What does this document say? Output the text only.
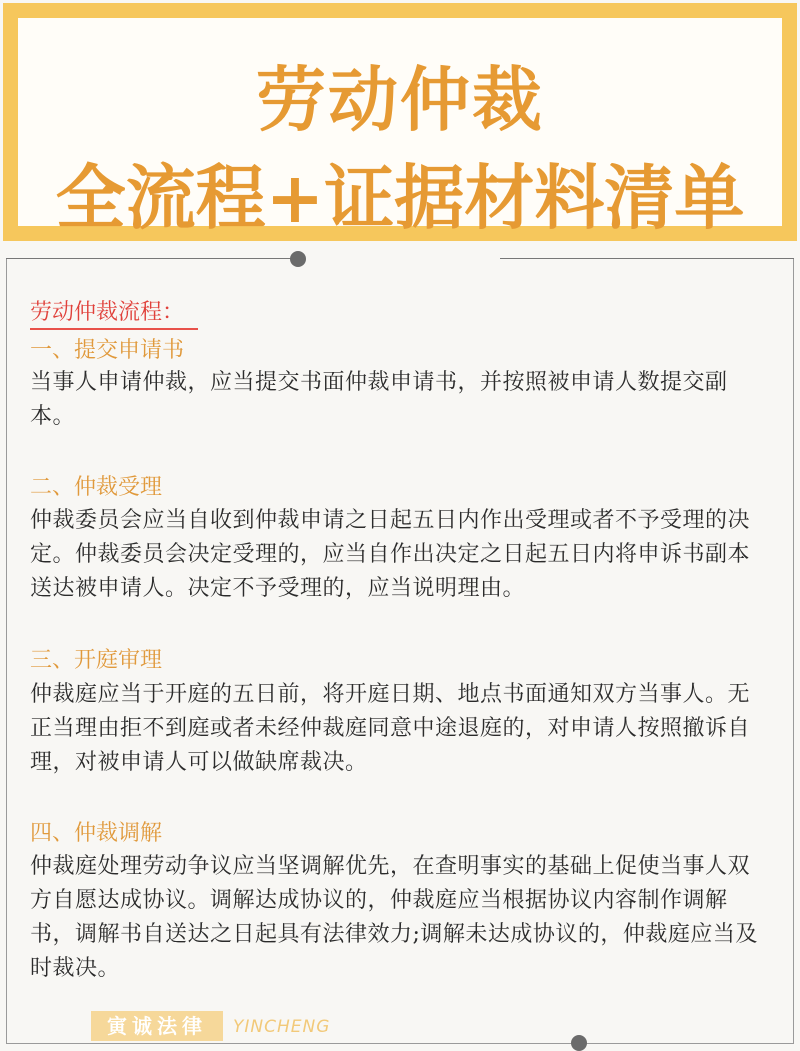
劳动仲裁
全流程+证据材料清单
劳动仲裁流程：
一、提交申请书
当事人申请仲裁，应当提交书面仲裁申请书，并按照被申请人数提交副本。
二、仲裁受理
仲裁委员会应当自收到仲裁申请之日起五日内作出受理或者不予受理的决定。仲裁委员会决定受理的，应当自作出决定之日起五日内将申诉书副本送达被申请人。决定不予受理的，应当说明理由。
三、开庭审理
仲裁庭应当于开庭的五日前，将开庭日期、地点书面通知双方当事人。无正当理由拒不到庭或者未经仲裁庭同意中途退庭的，对申请人按照撤诉自理，对被申请人可以做缺席裁决。
四、仲裁调解
仲裁庭处理劳动争议应当坚调解优先，在查明事实的基础上促使当事人双方自愿达成协议。调解达成协议的，仲裁庭应当根据协议内容制作调解书，调解书自送达之日起具有法律效力;调解未达成协议的，仲裁庭应当及时裁决。
寅诚法律	YINCHENG
